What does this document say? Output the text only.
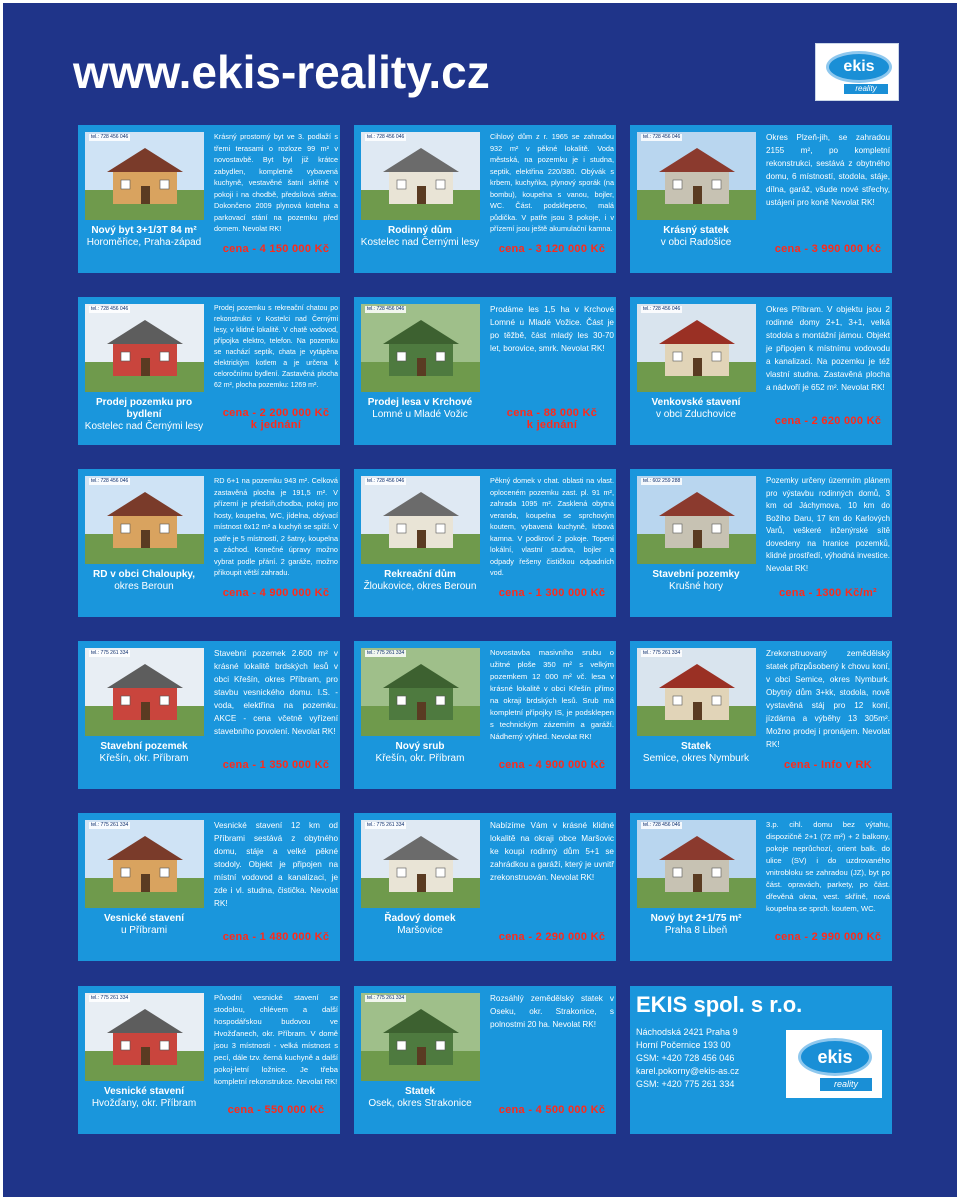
www.ekis-reality.cz	ekis
reality
tel.: 728 456 046
Nový byt 3+1/3T 84 m²
Horoměřice, Praha-západ
Krásný prostorný byt ve 3. podlaží s třemi terasami o rozloze 99 m² v novostavbě. Byt byl již krátce zabydlen, kompletně vybavená kuchyně, vestavěné šatní skříně v pokoji i na chodbě, předsílová stěna. Dokončeno 2009 plynová kotelna a parkovací stání na pozemku před domem. Nevolat RK!
cena - 4 150 000 Kč
tel.: 728 456 046
Rodinný dům
Kostelec nad Černými lesy
Cihlový dům z r. 1965 se zahradou 932 m² v pěkné lokalitě. Voda městská, na pozemku je i studna, septik, elektřina 220/380. Obývák s krbem, kuchyňka, plynový sporák (na bombu), koupelna s vanou, bojler, WC. Část. podsklepeno, malá půdička. V patře jsou 3 pokoje, i v přízemí jsou ještě akumulační kamna.
cena - 3 120 000 Kč
tel.: 728 456 046
Krásný statek
v obci Radošice
Okres Plzeň-jih, se zahradou 2155 m², po kompletní rekonstrukci, sestává z obytného domu, 6 místností, stodola, stáje, dílna, garáž, všude nové střechy, ustájení pro koně Nevolat RK!
cena - 3 990 000 Kč
tel.: 728 456 046
Prodej pozemku pro bydlení
Kostelec nad Černými lesy
Prodej pozemku s rekreační chatou po rekonstrukci v Kostelci nad Černými lesy, v klidné lokalitě. V chatě vodovod, přípojka elektro, telefon. Na pozemku se nachází septik, chata je vytápěna elektrickým kotlem a je určena k celoročnímu bydlení. Zastavěná plocha 62 m², plocha pozemku: 1269 m².
cena - 2 200 000 Kč
k jednání
tel.: 728 456 046
Prodej lesa v Krchové
Lomné u Mladé Vožic
Prodáme les 1,5 ha v Krchové Lomné u Mladé Vožice. Část je po těžbě, část mladý les 30-70 let, borovice, smrk. Nevolat RK!
cena - 88 000 Kč
k jednání
tel.: 728 456 046
Venkovské stavení
v obci Zduchovice
Okres Příbram. V objektu jsou 2 rodinné domy 2+1, 3+1, velká stodola s montážní jámou. Objekt je připojen k místnímu vodovodu a kanalizaci. Na pozemku je též vlastní studna. Zastavěná plocha a nádvoří je 652 m². Nevolat RK!
cena - 2 620 000 Kč
tel.: 728 456 046
RD v obci Chaloupky,
okres Beroun
RD 6+1 na pozemku 943 m². Celková zastavěná plocha je 191,5 m². V přízemí je předsíň,chodba, pokoj pro hosty, koupelna, WC, jídelna, obývací místnost 6x12 m² a kuchyň se spíží. V patře je 5 místností, 2 šatny, koupelna a záchod. Konečné úpravy možno vybrat podle přání. 2 garáže, možno přikoupit větší zahradu.
cena - 4 900 000 Kč
tel.: 728 456 046
Rekreační dům
Žloukovice, okres Beroun
Pěkný domek v chat. oblasti na vlast. oploceném pozemku zast. pl. 91 m², zahrada 1095 m². Zasklená obytná veranda, koupelna se sprchovým koutem, vybavená kuchyně, krbová kamna. V podkroví 2 pokoje. Topení lokální, vlastní studna, bojler a odpady řešeny čističkou odpadních vod.
cena - 1 300 000 Kč
tel.: 602 259 288
Stavební pozemky
Krušné hory
Pozemky určeny územním plánem pro výstavbu rodinných domů, 3 km od Jáchymova, 10 km do Božího Daru, 17 km do Karlových Varů, veškeré inženýrské sítě dovedeny na hranice pozemků, klidné prostředí, výhodná investice. Nevolat RK!
cena - 1300 Kč/m²
tel.: 775 261 334
Stavební pozemek
Křešín, okr. Příbram
Stavební pozemek 2.600 m² v krásné lokalitě brdských lesů v obci Křešín, okres Příbram, pro stavbu vesnického domu. I.S. - voda, elektřina na pozemku. AKCE - cena včetně vyřízení stavebního povolení. Nevolat RK!
cena - 1 350 000 Kč
tel.: 775 261 334
Nový srub
Křešín, okr. Příbram
Novostavba masivního srubu o užitné ploše 350 m² s velkým pozemkem 12 000 m² vč. lesa v krásné lokalitě v obci Křešín přímo na okraji brdských lesů. Srub má kompletní přípojky IS, je podsklepen s technickým zázemím a garáží. Nádherný výhled. Nevolat RK!
cena - 4 900 000 Kč
tel.: 775 261 334
Statek
Semice, okres Nymburk
Zrekonstruovaný zemědělský statek přizpůsobený k chovu koní, v obci Semice, okres Nymburk. Obytný dům 3+kk, stodola, nově vystavěná stáj pro 12 koní, jízdárna a výběhy 13 305m². Možno prodej i pronájem. Nevolat RK!
cena - Info v RK
tel.: 775 261 334
Vesnické stavení
u Příbrami
Vesnické stavení 12 km od Příbrami sestává z obytného domu, stáje a velké pěkné stodoly. Objekt je připojen na místní vodovod a kanalizaci, je zde i vl. studna, čistička. Nevolat RK!
cena - 1 480 000 Kč
tel.: 775 261 334
Řadový domek
Maršovice
Nabízíme Vám v krásné klidné lokalitě na okraji obce Maršovic ke koupi rodinný dům 5+1 se zahrádkou a garáží, který je uvnitř zrekonstruován. Nevolat RK!
cena - 2 290 000 Kč
tel.: 728 456 046
Nový byt 2+1/75 m²
Praha 8 Libeň
3.p. cihl. domu bez výtahu, dispozičně 2+1 (72 m²) + 2 balkony, pokoje neprůchozí, orient balk. do ulice (SV) i do uzdrovaného vnitrobloku se zahradou (JZ), byt po část. opravách, parkety, po část. dřevěná okna, vest. skříně, nová koupelna se sprch. koutem, WC.
cena - 2 990 000 Kč
tel.: 775 261 334
Vesnické stavení
Hvožďany, okr. Příbram
Původní vesnické stavení se stodolou, chlévem a další hospodářskou budovou ve Hvožďanech, okr. Příbram. V domě jsou 3 místnosti - velká místnost s pecí, dále tzv. černá kuchyně a další pokoj-letní ložnice. Je třeba kompletní rekonstrukce. Nevolat RK!
cena - 550 000 Kč
tel.: 775 261 334
Statek
Osek, okres Strakonice
Rozsáhlý zemědělský statek v Oseku, okr. Strakonice, s polnostmi 20 ha. Nevolat RK!
cena - 4 500 000 Kč
EKIS spol. s r.o.
Náchodská 2421 Praha 9
Horní Počernice 193 00
GSM: +420 728 456 046
karel.pokorny@ekis-as.cz
GSM: +420 775 261 334
ekis
reality
